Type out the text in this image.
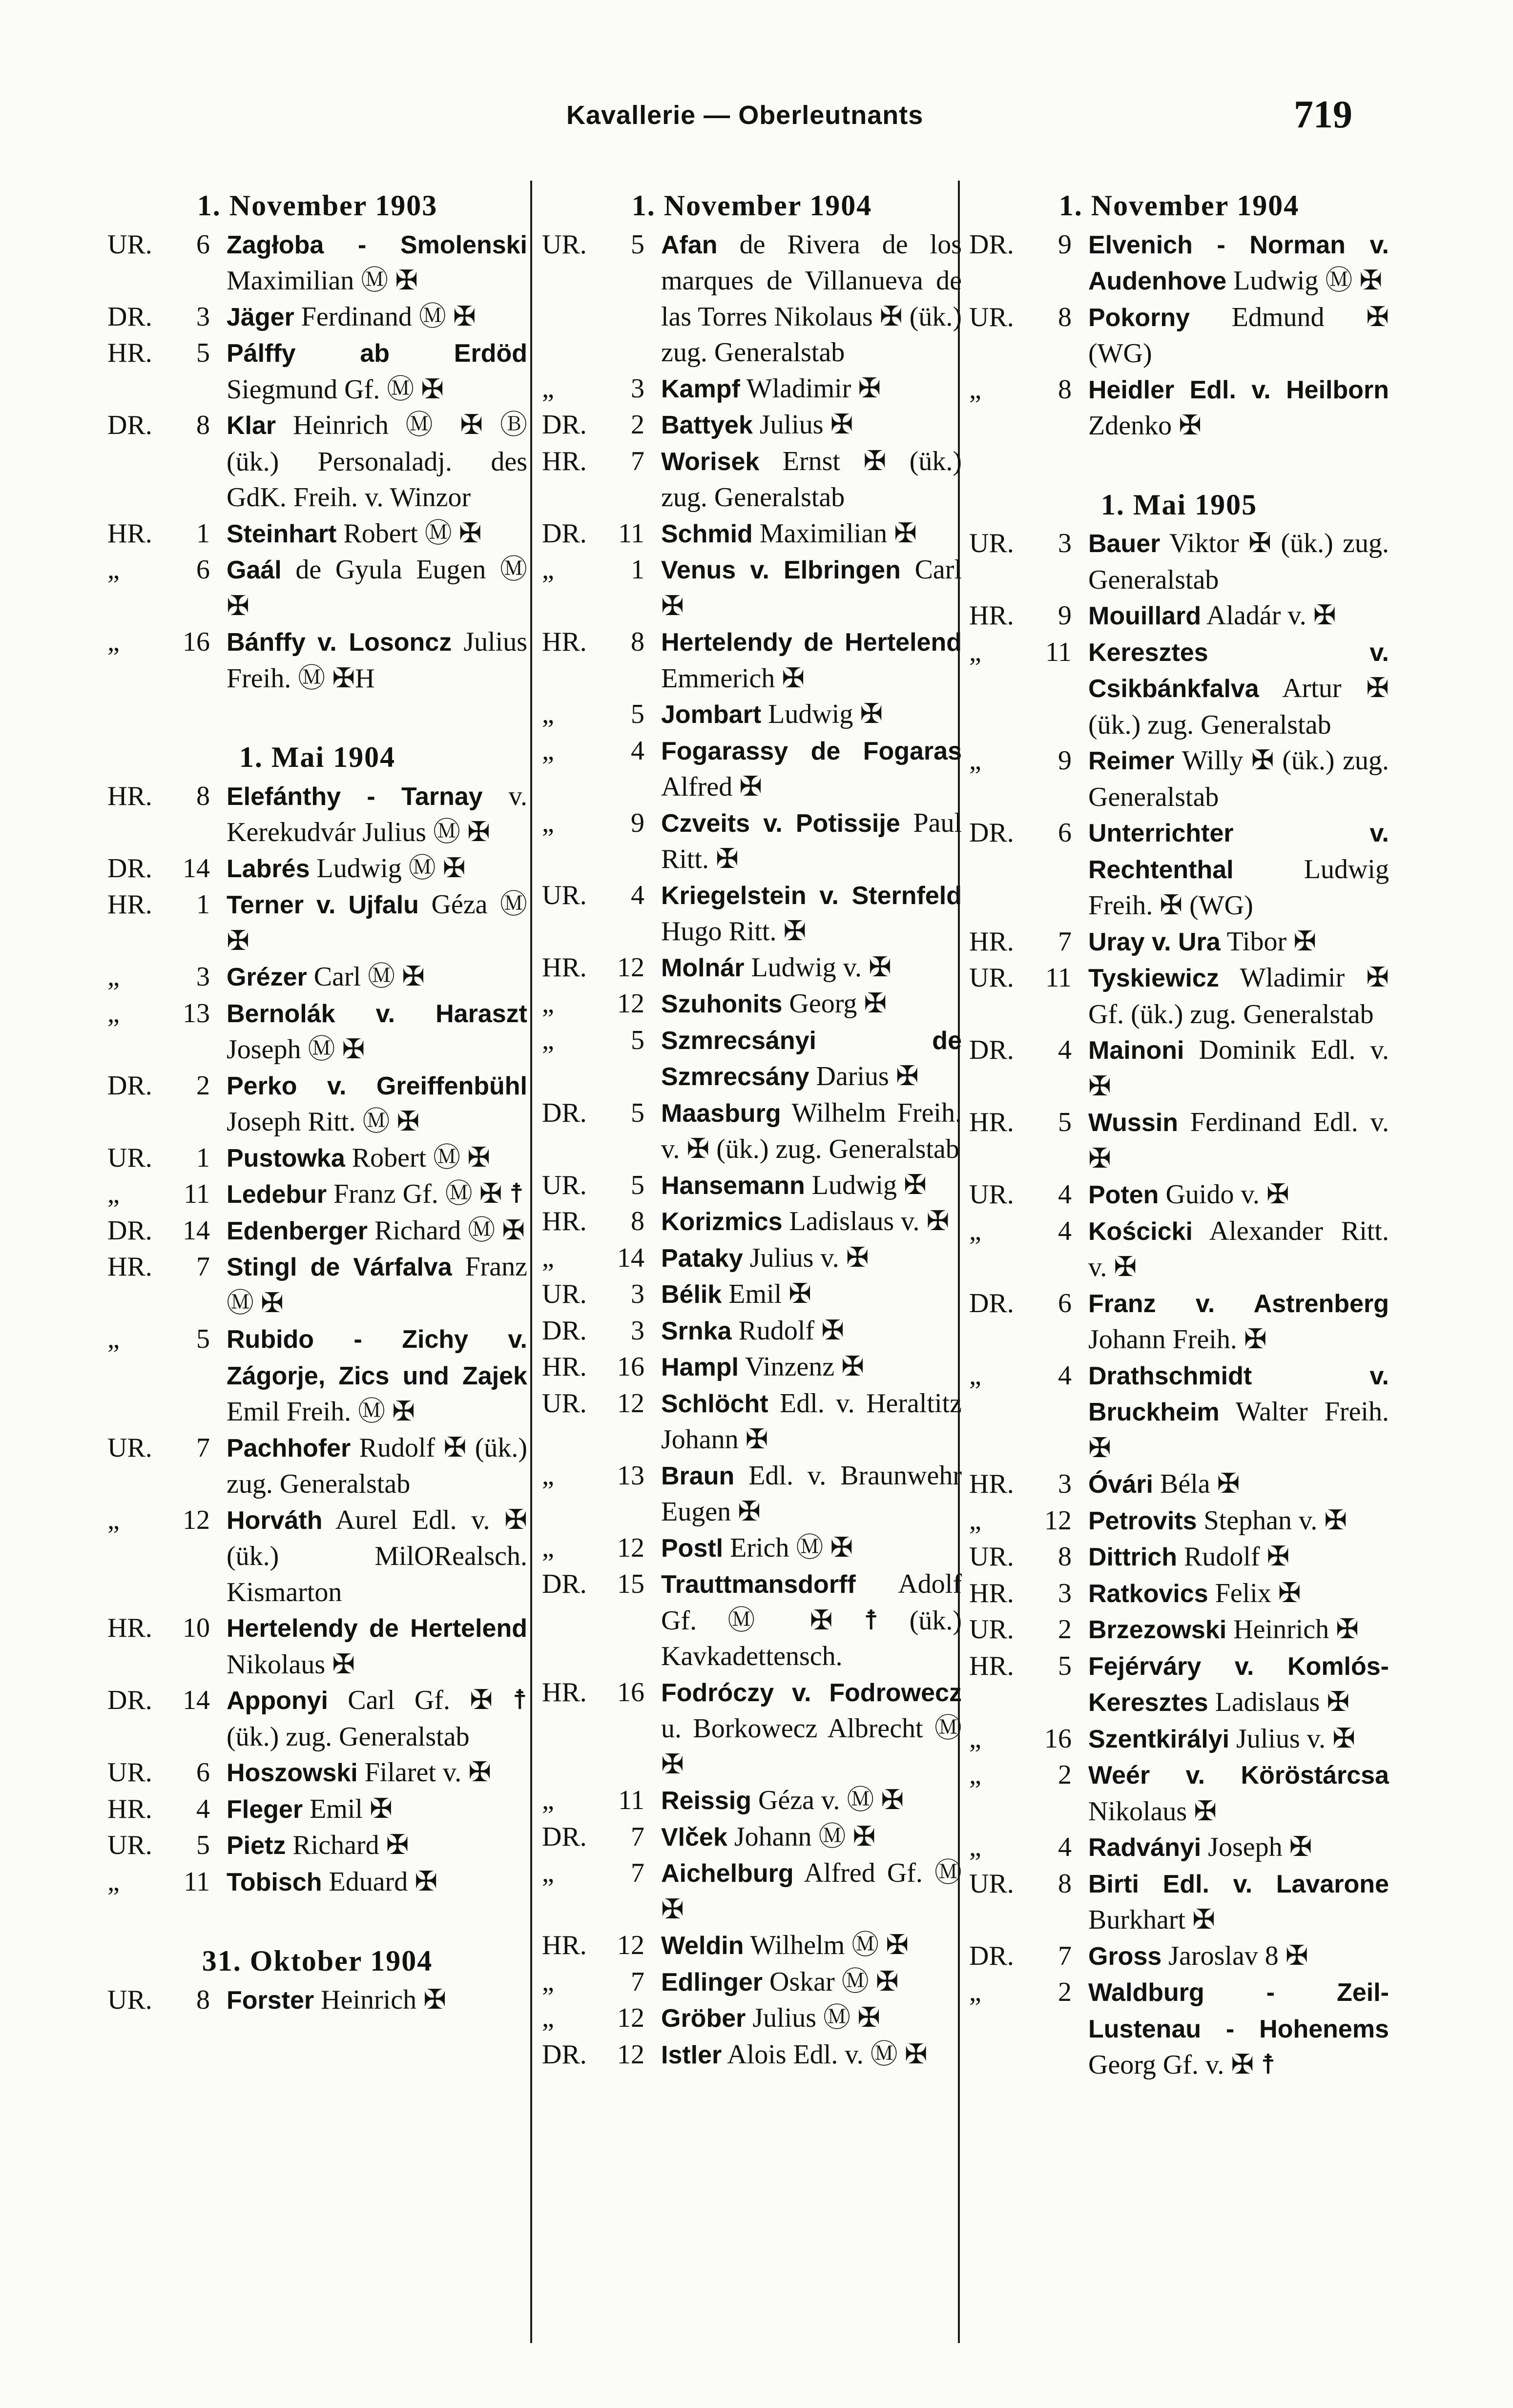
Kavallerie — Oberleutnants	719
1. November 1903
UR.	6 Zagłoba - Smolenski Maximilian Ⓜ ✠
DR.	3 Jäger Ferdinand Ⓜ ✠
HR.	5 Pálffy ab Erdöd Siegmund Gf. Ⓜ ✠
DR.	8 Klar Heinrich Ⓜ ✠ Ⓑ (ük.) Personaladj. des GdK. Freih. v. Winzor
HR.	1 Steinhart Robert Ⓜ ✠
„	6 Gaál de Gyula Eugen Ⓜ ✠
„	16 Bánffy v. Losoncz Julius Freih. Ⓜ ✠H
1. Mai 1904
HR.	8 Elefánthy - Tarnay v. Kerekudvár Julius Ⓜ ✠
DR.	14 Labrés Ludwig Ⓜ ✠
HR.	1 Terner v. Ujfalu Géza Ⓜ ✠
„	3 Grézer Carl Ⓜ ✠
„	13 Bernolák v. Haraszt Joseph Ⓜ ✠
DR.	2 Perko v. Greiffenbühl Joseph Ritt. Ⓜ ✠
UR.	1 Pustowka Robert Ⓜ ✠
„	11 Ledebur Franz Gf. Ⓜ ✠ ☨
DR.	14 Edenberger Richard Ⓜ ✠
HR.	7 Stingl de Várfalva Franz Ⓜ ✠
„	5 Rubido - Zichy v. Zágorje, Zics und Zajek Emil Freih. Ⓜ ✠
UR.	7 Pachhofer Rudolf ✠ (ük.) zug. Generalstab
„	12 Horváth Aurel Edl. v. ✠ (ük.) MilORealsch. Kismarton
HR.	10 Hertelendy de Hertelend Nikolaus ✠
DR.	14 Apponyi Carl Gf. ✠ ☨ (ük.) zug. Generalstab
UR.	6 Hoszowski Filaret v. ✠
HR.	4 Fleger Emil ✠
UR.	5 Pietz Richard ✠
„	11 Tobisch Eduard ✠
31. Oktober 1904
UR.	8 Forster Heinrich ✠
1. November 1904
UR.	5 Afan de Rivera de los marques de Villanueva de las Torres Nikolaus ✠ (ük.) zug. Generalstab
„	3 Kampf Wladimir ✠
DR.	2 Battyek Julius ✠
HR.	7 Worisek Ernst ✠ (ük.) zug. Generalstab
DR.	11 Schmid Maximilian ✠
„	1 Venus v. Elbringen Carl ✠
HR.	8 Hertelendy de Hertelend Emmerich ✠
„	5 Jombart Ludwig ✠
„	4 Fogarassy de Fogaras Alfred ✠
„	9 Czveits v. Potissije Paul Ritt. ✠
UR.	4 Kriegelstein v. Sternfeld Hugo Ritt. ✠
HR.	12 Molnár Ludwig v. ✠
„	12 Szuhonits Georg ✠
„	5 Szmrecsányi de Szmrecsány Darius ✠
DR.	5 Maasburg Wilhelm Freih. v. ✠ (ük.) zug. Generalstab
UR.	5 Hansemann Ludwig ✠
HR.	8 Korizmics Ladislaus v. ✠
„	14 Pataky Julius v. ✠
UR.	3 Bélik Emil ✠
DR.	3 Srnka Rudolf ✠
HR.	16 Hampl Vinzenz ✠
UR.	12 Schlöcht Edl. v. Heraltitz Johann ✠
„	13 Braun Edl. v. Braunwehr Eugen ✠
„	12 Postl Erich Ⓜ ✠
DR.	15 Trauttmansdorff Adolf Gf. Ⓜ ✠ ☨ (ük.) Kavkadettensch.
HR.	16 Fodróczy v. Fodrowecz u. Borkowecz Albrecht Ⓜ ✠
„	11 Reissig Géza v. Ⓜ ✠
DR.	7 Vlček Johann Ⓜ ✠
„	7 Aichelburg Alfred Gf. Ⓜ ✠
HR.	12 Weldin Wilhelm Ⓜ ✠
„	7 Edlinger Oskar Ⓜ ✠
„	12 Gröber Julius Ⓜ ✠
DR.	12 Istler Alois Edl. v. Ⓜ ✠
1. November 1904
DR.	9 Elvenich - Norman v. Audenhove Ludwig Ⓜ ✠
UR.	8 Pokorny Edmund ✠ (WG)
„	8 Heidler Edl. v. Heilborn Zdenko ✠
1. Mai 1905
UR.	3 Bauer Viktor ✠ (ük.) zug. Generalstab
HR.	9 Mouillard Aladár v. ✠
„	11 Keresztes v. Csikbánkfalva Artur ✠ (ük.) zug. Generalstab
„	9 Reimer Willy ✠ (ük.) zug. Generalstab
DR.	6 Unterrichter v. Rechtenthal	Ludwig Freih. ✠ (WG)
HR.	7 Uray v. Ura Tibor ✠
UR.	11 Tyskiewicz Wladimir ✠ Gf. (ük.) zug. Generalstab
DR.	4 Mainoni Dominik Edl. v. ✠
HR.	5 Wussin Ferdinand Edl. v. ✠
UR.	4 Poten Guido v. ✠
„	4 Kościcki Alexander Ritt. v. ✠
DR.	6 Franz v. Astrenberg Johann Freih. ✠
„	4 Drathschmidt v. Bruckheim Walter Freih. ✠
HR.	3 Óvári Béla ✠
„	12 Petrovits Stephan v. ✠
UR.	8 Dittrich Rudolf ✠
HR.	3 Ratkovics Felix ✠
UR.	2 Brzezowski Heinrich ✠
HR.	5 Fejérváry v. Komlós-Keresztes Ladislaus ✠
„	16 Szentkirályi Julius v. ✠
„	2 Weér v. Köröstárcsa Nikolaus ✠
„	4 Radványi Joseph ✠
UR.	8 Birti Edl. v. Lavarone Burkhart ✠
DR.	7 Gross Jaroslav 8 ✠
„	2 Waldburg - Zeil-Lustenau - Hohenems Georg Gf. v. ✠ ☨
